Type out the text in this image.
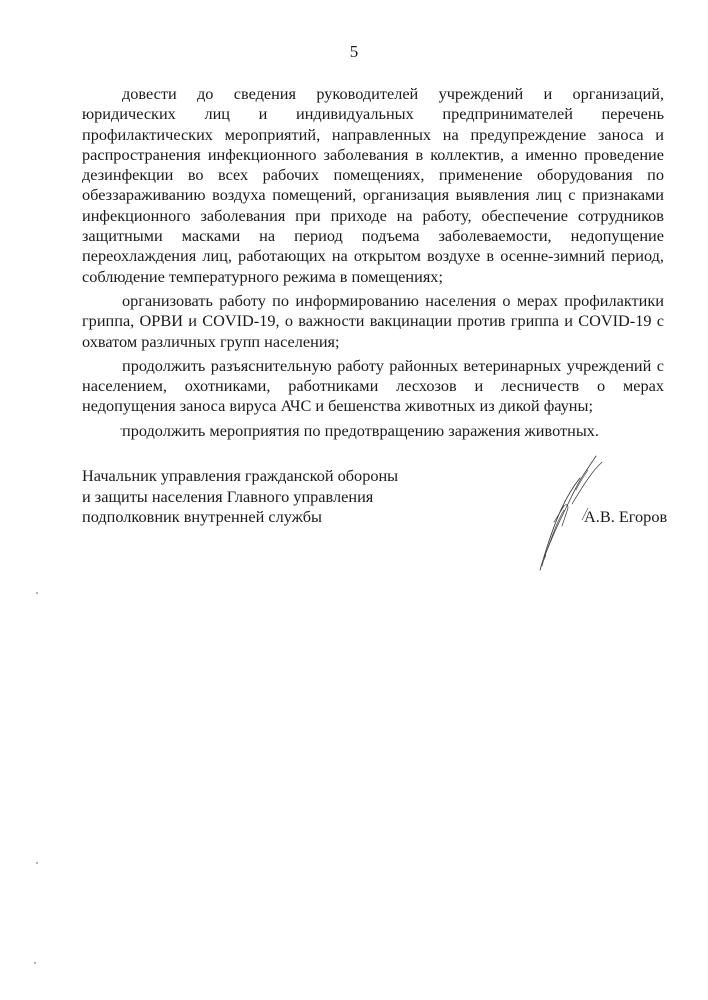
5

довести до сведения руководителей учреждений и организаций, юридических лиц и индивидуальных предпринимателей перечень профилактических мероприятий, направленных на предупреждение заноса и распространения инфекционного заболевания в коллектив, а именно проведение дезинфекции во всех рабочих помещениях, применение оборудования по обеззараживанию воздуха помещений, организация выявления лиц с признаками инфекционного заболевания при приходе на работу, обеспечение сотрудников защитными масками на период подъема заболеваемости, недопущение переохлаждения лиц, работающих на открытом воздухе в осенне-зимний период, соблюдение температурного режима в помещениях;

организовать работу по информированию населения о мерах профилактики гриппа, ОРВИ и COVID-19, о важности вакцинации против гриппа и COVID-19 с охватом различных групп населения;

продолжить разъяснительную работу районных ветеринарных учреждений с населением, охотниками, работниками лесхозов и лесничеств о мерах недопущения заноса вируса АЧС и бешенства животных из дикой фауны;

продолжить мероприятия по предотвращению заражения животных.

Начальник управления гражданской обороны
и защиты населения Главного управления
подполковник внутренней службы	А.В. Егоров
